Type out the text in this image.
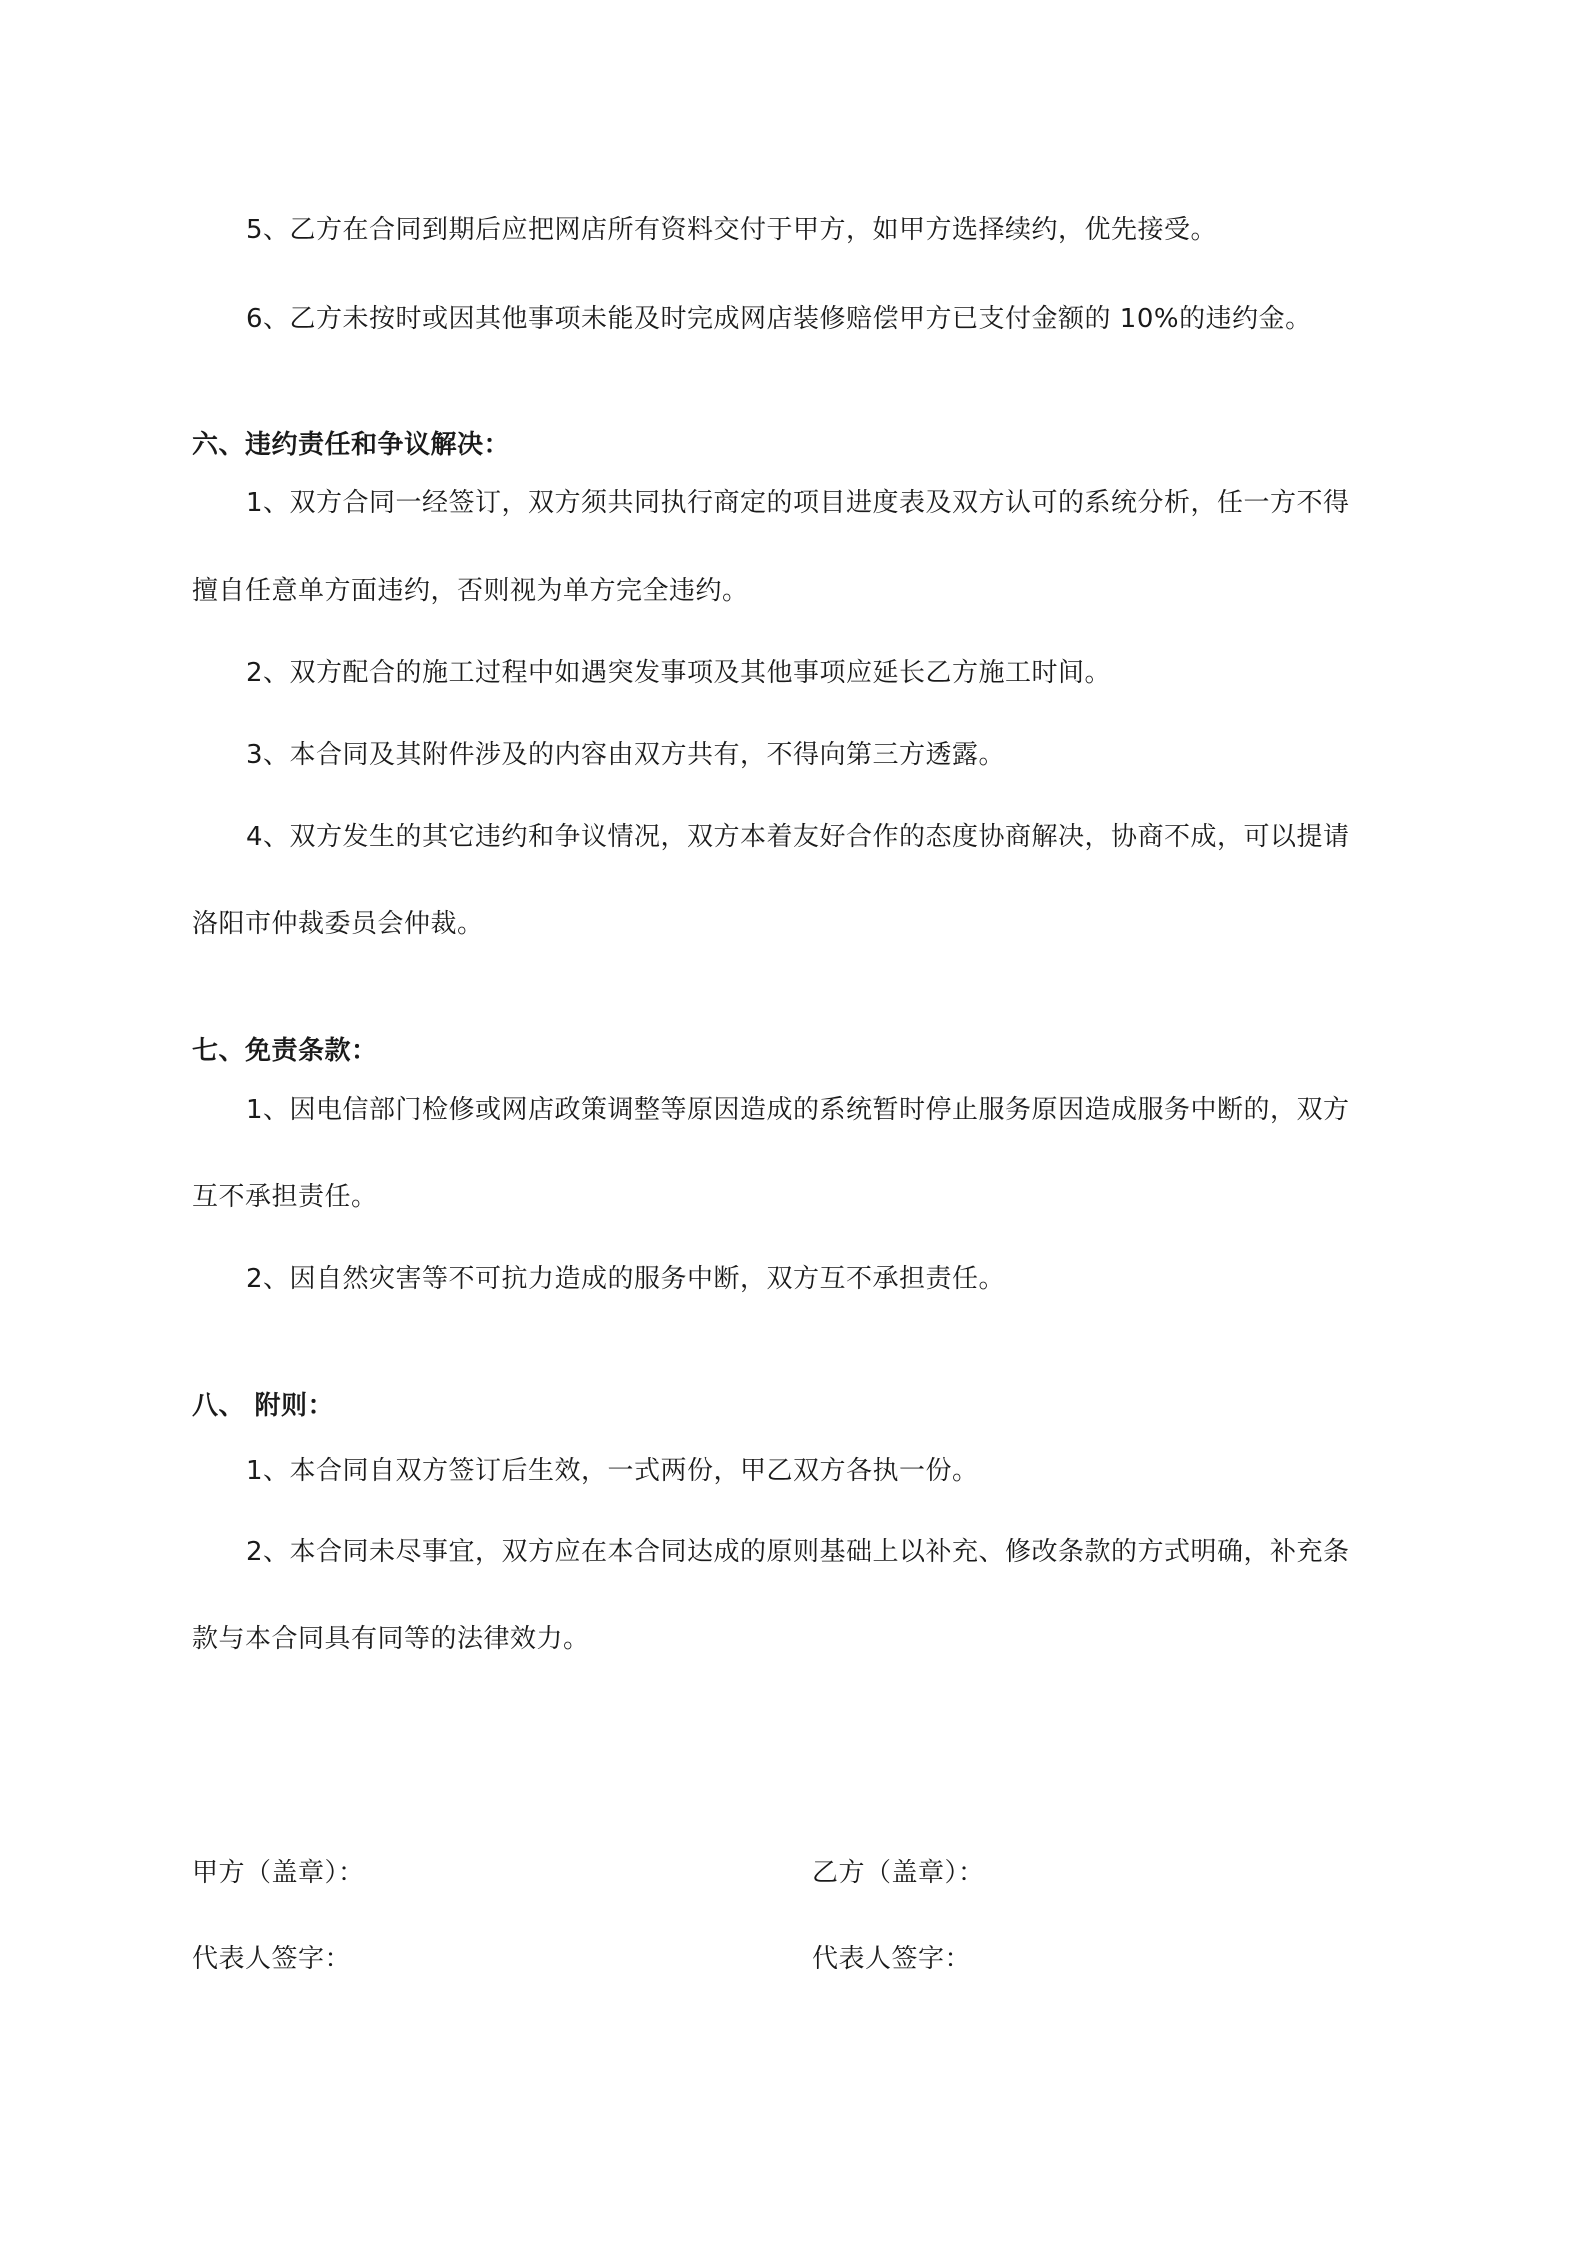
5、乙方在合同到期后应把网店所有资料交付于甲方，如甲方选择续约，优先接受。
6、乙方未按时或因其他事项未能及时完成网店装修赔偿甲方已支付金额的 10%的违约金。
六、违约责任和争议解决：
1、双方合同一经签订，双方须共同执行商定的项目进度表及双方认可的系统分析，任一方不得
擅自任意单方面违约，否则视为单方完全违约。
2、双方配合的施工过程中如遇突发事项及其他事项应延长乙方施工时间。
3、本合同及其附件涉及的内容由双方共有，不得向第三方透露。
4、双方发生的其它违约和争议情况，双方本着友好合作的态度协商解决，协商不成，可以提请
洛阳市仲裁委员会仲裁。
七、免责条款：
1、因电信部门检修或网店政策调整等原因造成的系统暂时停止服务原因造成服务中断的，双方
互不承担责任。
2、因自然灾害等不可抗力造成的服务中断，双方互不承担责任。
八、 附则：
1、本合同自双方签订后生效，一式两份，甲乙双方各执一份。
2、本合同未尽事宜，双方应在本合同达成的原则基础上以补充、修改条款的方式明确，补充条
款与本合同具有同等的法律效力。
甲方（盖章）：	乙方（盖章）：
代表人签字：	代表人签字：
